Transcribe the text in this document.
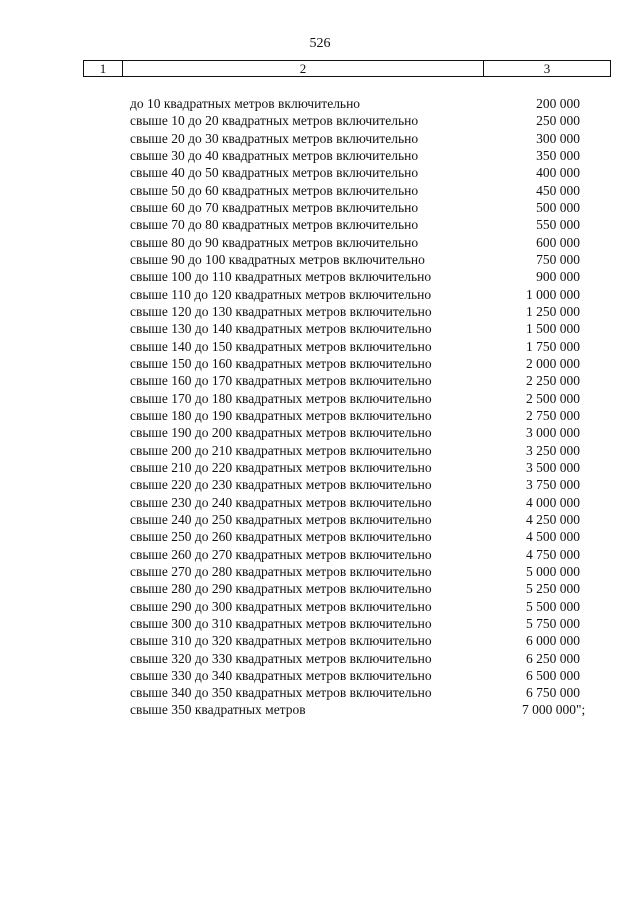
526
1	2	3
до 10 квадратных метров включительно	200 000
свыше 10 до 20 квадратных метров включительно	250 000
свыше 20 до 30 квадратных метров включительно	300 000
свыше 30 до 40 квадратных метров включительно	350 000
свыше 40 до 50 квадратных метров включительно	400 000
свыше 50 до 60 квадратных метров включительно	450 000
свыше 60 до 70 квадратных метров включительно	500 000
свыше 70 до 80 квадратных метров включительно	550 000
свыше 80 до 90 квадратных метров включительно	600 000
свыше 90 до 100 квадратных метров включительно	750 000
свыше 100 до 110 квадратных метров включительно	900 000
свыше 110 до 120 квадратных метров включительно	1 000 000
свыше 120 до 130 квадратных метров включительно	1 250 000
свыше 130 до 140 квадратных метров включительно	1 500 000
свыше 140 до 150 квадратных метров включительно	1 750 000
свыше 150 до 160 квадратных метров включительно	2 000 000
свыше 160 до 170 квадратных метров включительно	2 250 000
свыше 170 до 180 квадратных метров включительно	2 500 000
свыше 180 до 190 квадратных метров включительно	2 750 000
свыше 190 до 200 квадратных метров включительно	3 000 000
свыше 200 до 210 квадратных метров включительно	3 250 000
свыше 210 до 220 квадратных метров включительно	3 500 000
свыше 220 до 230 квадратных метров включительно	3 750 000
свыше 230 до 240 квадратных метров включительно	4 000 000
свыше 240 до 250 квадратных метров включительно	4 250 000
свыше 250 до 260 квадратных метров включительно	4 500 000
свыше 260 до 270 квадратных метров включительно	4 750 000
свыше 270 до 280 квадратных метров включительно	5 000 000
свыше 280 до 290 квадратных метров включительно	5 250 000
свыше 290 до 300 квадратных метров включительно	5 500 000
свыше 300 до 310 квадратных метров включительно	5 750 000
свыше 310 до 320 квадратных метров включительно	6 000 000
свыше 320 до 330 квадратных метров включительно	6 250 000
свыше 330 до 340 квадратных метров включительно	6 500 000
свыше 340 до 350 квадратных метров включительно	6 750 000
свыше 350 квадратных метров	7 000 000";
